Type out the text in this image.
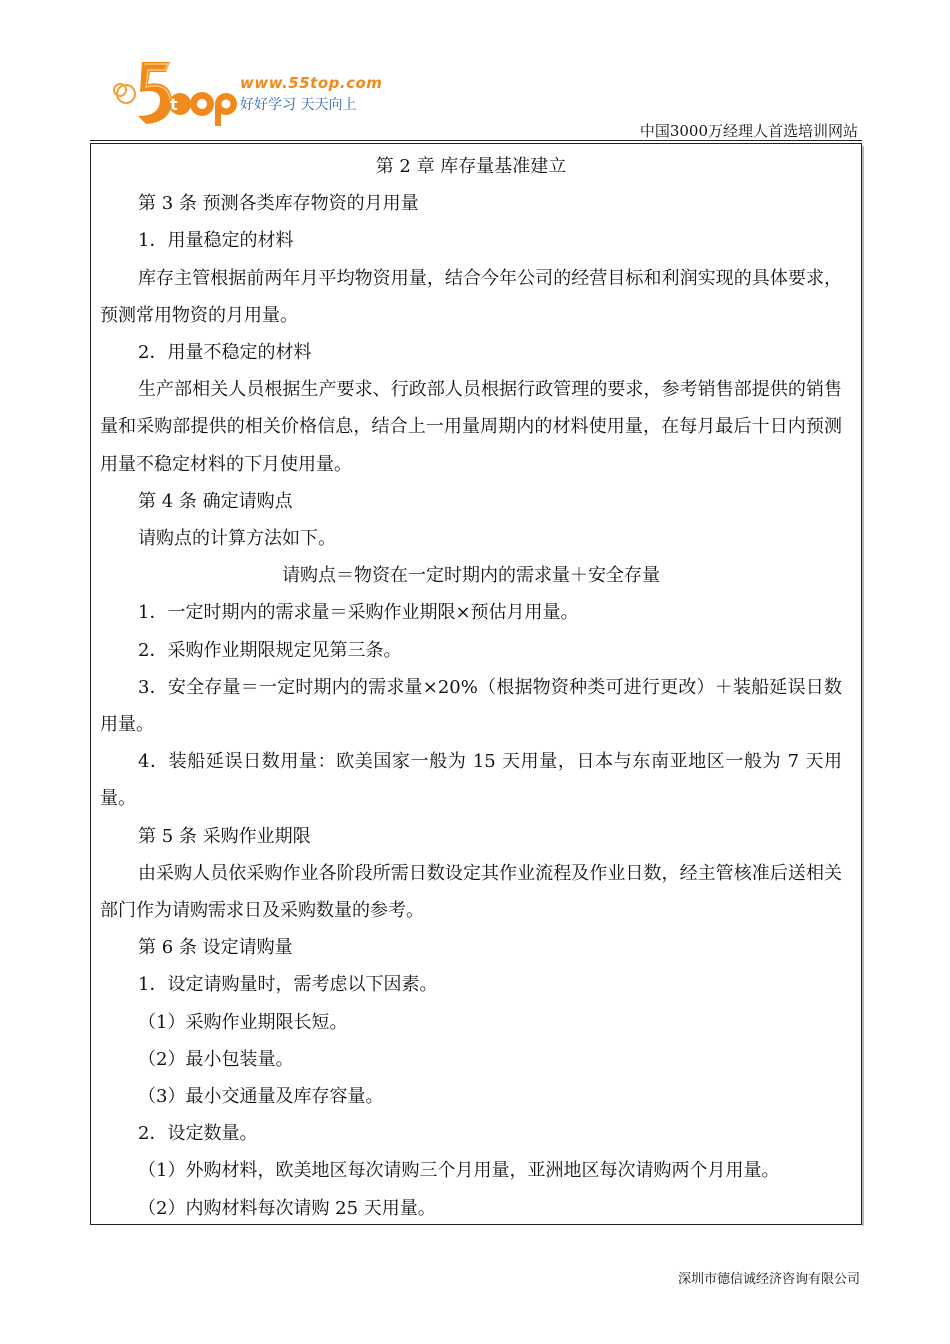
t
www.55top.com
好好学习 天天向上
中国3000万经理人首选培训网站

第 2 章 库存量基准建立

第 3 条 预测各类库存物资的月用量

1．用量稳定的材料

库存主管根据前两年月平均物资用量，结合今年公司的经营目标和利润实现的具体要求，预测常用物资的月用量。

2．用量不稳定的材料

生产部相关人员根据生产要求、行政部人员根据行政管理的要求，参考销售部提供的销售量和采购部提供的相关价格信息，结合上一用量周期内的材料使用量，在每月最后十日内预测用量不稳定材料的下月使用量。

第 4 条 确定请购点

请购点的计算方法如下。

请购点＝物资在一定时期内的需求量＋安全存量

1．一定时期内的需求量＝采购作业期限×预估月用量。

2．采购作业期限规定见第三条。

3．安全存量＝一定时期内的需求量×20%（根据物资种类可进行更改）＋装船延误日数用量。

4．装船延误日数用量：欧美国家一般为 15 天用量，日本与东南亚地区一般为 7 天用量。

第 5 条 采购作业期限

由采购人员依采购作业各阶段所需日数设定其作业流程及作业日数，经主管核准后送相关部门作为请购需求日及采购数量的参考。

第 6 条 设定请购量

1．设定请购量时，需考虑以下因素。

（1）采购作业期限长短。

（2）最小包装量。

（3）最小交通量及库存容量。

2．设定数量。

（1）外购材料，欧美地区每次请购三个月用量，亚洲地区每次请购两个月用量。

（2）内购材料每次请购 25 天用量。

深圳市德信诚经济咨询有限公司
